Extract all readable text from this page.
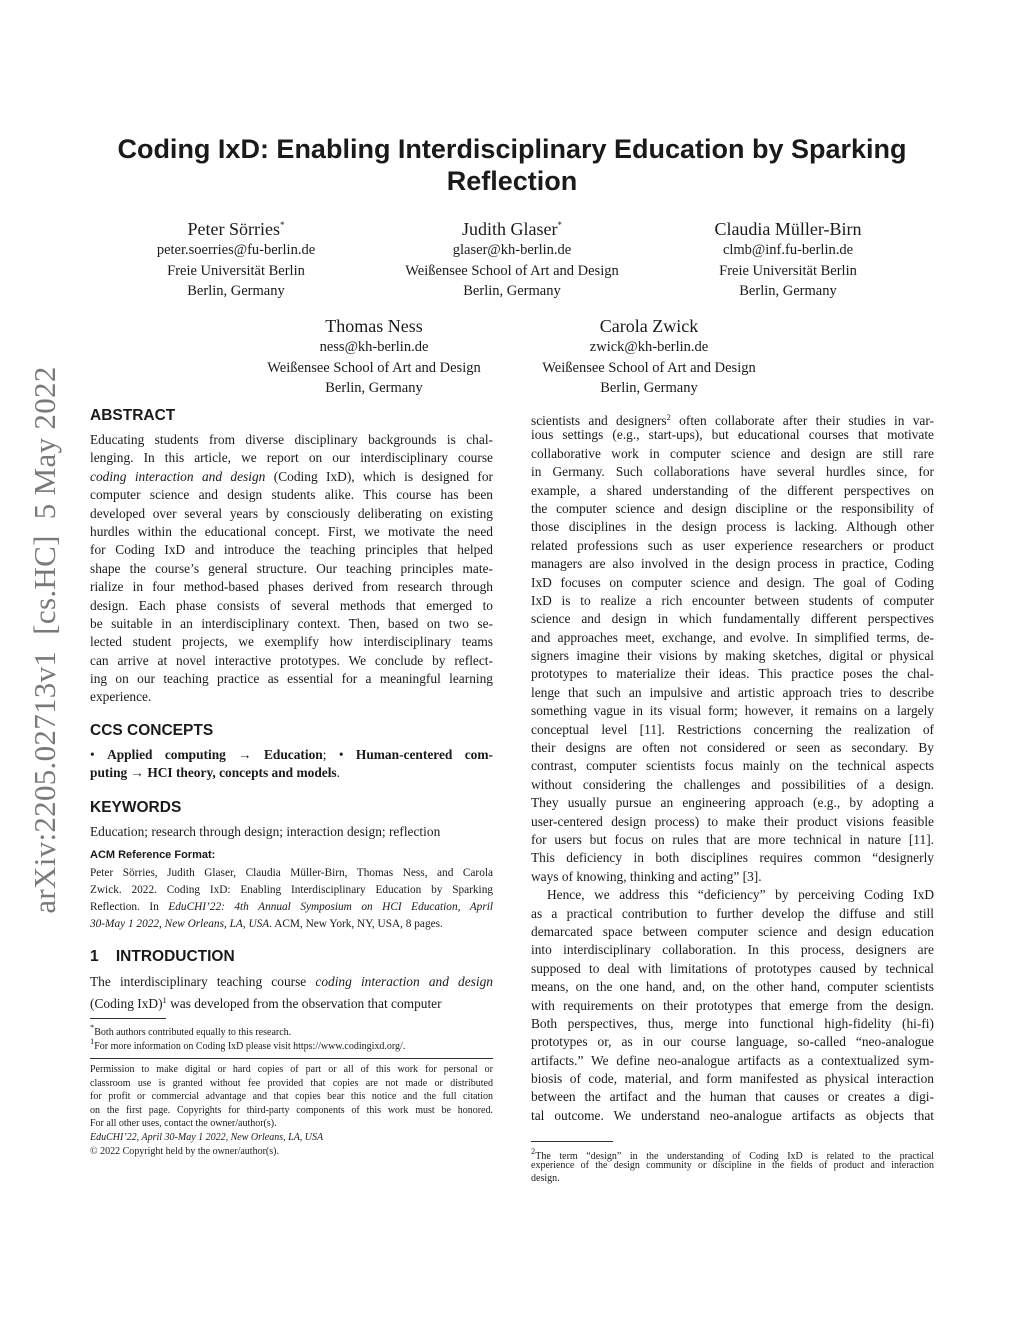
arXiv:2205.02713v1  [cs.HC]  5 May 2022
Coding IxD: Enabling Interdisciplinary Education by Sparking
Reflection
Peter Sörries*
peter.soerries@fu-berlin.de
Freie Universität Berlin
Berlin, Germany
Judith Glaser*
glaser@kh-berlin.de
Weißensee School of Art and Design
Berlin, Germany
Claudia Müller-Birn
clmb@inf.fu-berlin.de
Freie Universität Berlin
Berlin, Germany
Thomas Ness
ness@kh-berlin.de
Weißensee School of Art and Design
Berlin, Germany
Carola Zwick
zwick@kh-berlin.de
Weißensee School of Art and Design
Berlin, Germany
ABSTRACT
Educating students from diverse disciplinary backgrounds is chal-
lenging. In this article, we report on our interdisciplinary course
coding interaction and design (Coding IxD), which is designed for
computer science and design students alike. This course has been
developed over several years by consciously deliberating on existing
hurdles within the educational concept. First, we motivate the need
for Coding IxD and introduce the teaching principles that helped
shape the course’s general structure. Our teaching principles mate-
rialize in four method-based phases derived from research through
design. Each phase consists of several methods that emerged to
be suitable in an interdisciplinary context. Then, based on two se-
lected student projects, we exemplify how interdisciplinary teams
can arrive at novel interactive prototypes. We conclude by reflect-
ing on our teaching practice as essential for a meaningful learning
experience.
CCS CONCEPTS
• Applied computing → Education; • Human-centered com-
puting → HCI theory, concepts and models.
KEYWORDS
Education; research through design; interaction design; reflection
ACM Reference Format:
Peter Sörries, Judith Glaser, Claudia Müller-Birn, Thomas Ness, and Carola
Zwick. 2022. Coding IxD: Enabling Interdisciplinary Education by Sparking
Reflection. In EduCHI’22: 4th Annual Symposium on HCI Education, April
30-May 1 2022, New Orleans, LA, USA. ACM, New York, NY, USA, 8 pages.
1    INTRODUCTION
The interdisciplinary teaching course coding interaction and design
(Coding IxD)$^1$ was developed from the observation that computer
*Both authors contributed equally to this research.
$^1$For more information on Coding IxD please visit https://www.codingixd.org/.
Permission to make digital or hard copies of part or all of this work for personal or
classroom use is granted without fee provided that copies are not made or distributed
for profit or commercial advantage and that copies bear this notice and the full citation
on the first page. Copyrights for third-party components of this work must be honored.
For all other uses, contact the owner/author(s).
EduCHI’22, April 30-May 1 2022, New Orleans, LA, USA
© 2022 Copyright held by the owner/author(s).
scientists and designers$^2$ often collaborate after their studies in var-
ious settings (e.g., start-ups), but educational courses that motivate
collaborative work in computer science and design are still rare
in Germany. Such collaborations have several hurdles since, for
example, a shared understanding of the different perspectives on
the computer science and design discipline or the responsibility of
those disciplines in the design process is lacking. Although other
related professions such as user experience researchers or product
managers are also involved in the design process in practice, Coding
IxD focuses on computer science and design. The goal of Coding
IxD is to realize a rich encounter between students of computer
science and design in which fundamentally different perspectives
and approaches meet, exchange, and evolve. In simplified terms, de-
signers imagine their visions by making sketches, digital or physical
prototypes to materialize their ideas. This practice poses the chal-
lenge that such an impulsive and artistic approach tries to describe
something vague in its visual form; however, it remains on a largely
conceptual level [11]. Restrictions concerning the realization of
their designs are often not considered or seen as secondary. By
contrast, computer scientists focus mainly on the technical aspects
without considering the challenges and possibilities of a design.
They usually pursue an engineering approach (e.g., by adopting a
user-centered design process) to make their product visions feasible
for users but focus on rules that are more technical in nature [11].
This deficiency in both disciplines requires common “designerly
ways of knowing, thinking and acting” [3].
Hence, we address this “deficiency” by perceiving Coding IxD
as a practical contribution to further develop the diffuse and still
demarcated space between computer science and design education
into interdisciplinary collaboration. In this process, designers are
supposed to deal with limitations of prototypes caused by technical
means, on the one hand, and, on the other hand, computer scientists
with requirements on their prototypes that emerge from the design.
Both perspectives, thus, merge into functional high-fidelity (hi-fi)
prototypes or, as in our course language, so-called “neo-analogue
artifacts.” We define neo-analogue artifacts as a contextualized sym-
biosis of code, material, and form manifested as physical interaction
between the artifact and the human that causes or creates a digi-
tal outcome. We understand neo-analogue artifacts as objects that
$^2$The term “design” in the understanding of Coding IxD is related to the practical
experience of the design community or discipline in the fields of product and interaction
design.
